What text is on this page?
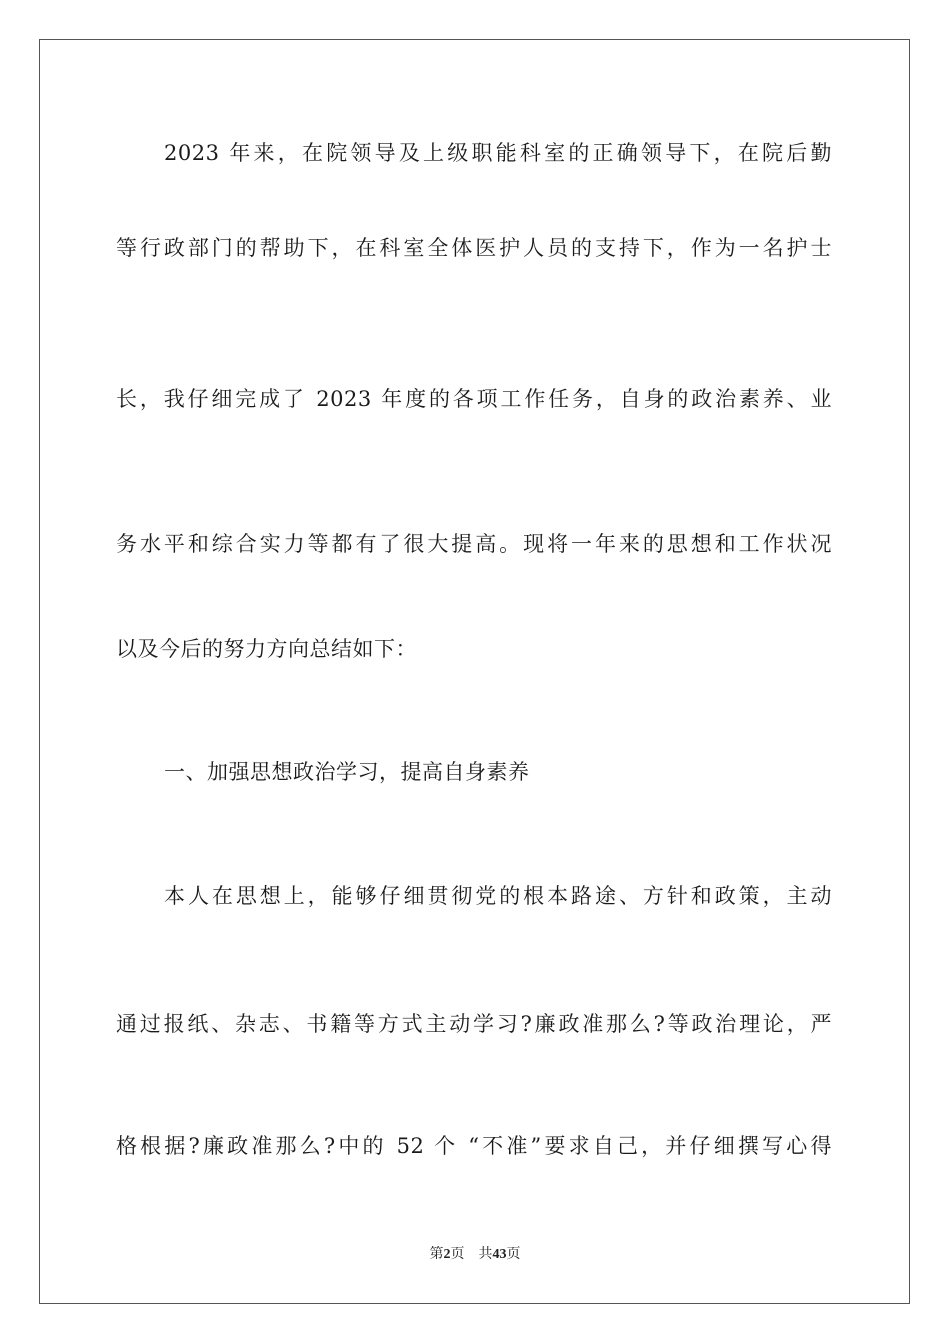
2023 年来，在院领导及上级职能科室的正确领导下，在院后勤
等行政部门的帮助下，在科室全体医护人员的支持下，作为一名护士
长，我仔细完成了 2023 年度的各项工作任务，自身的政治素养、业
务水平和综合实力等都有了很大提高。现将一年来的思想和工作状况
以及今后的努力方向总结如下：
一、加强思想政治学习，提高自身素养
本人在思想上，能够仔细贯彻党的根本路途、方针和政策，主动
通过报纸、杂志、书籍等方式主动学习?廉政准那么?等政治理论，严
格根据?廉政准那么?中的 52 个 “不准”要求自己，并仔细撰写心得
第2页 共43页
